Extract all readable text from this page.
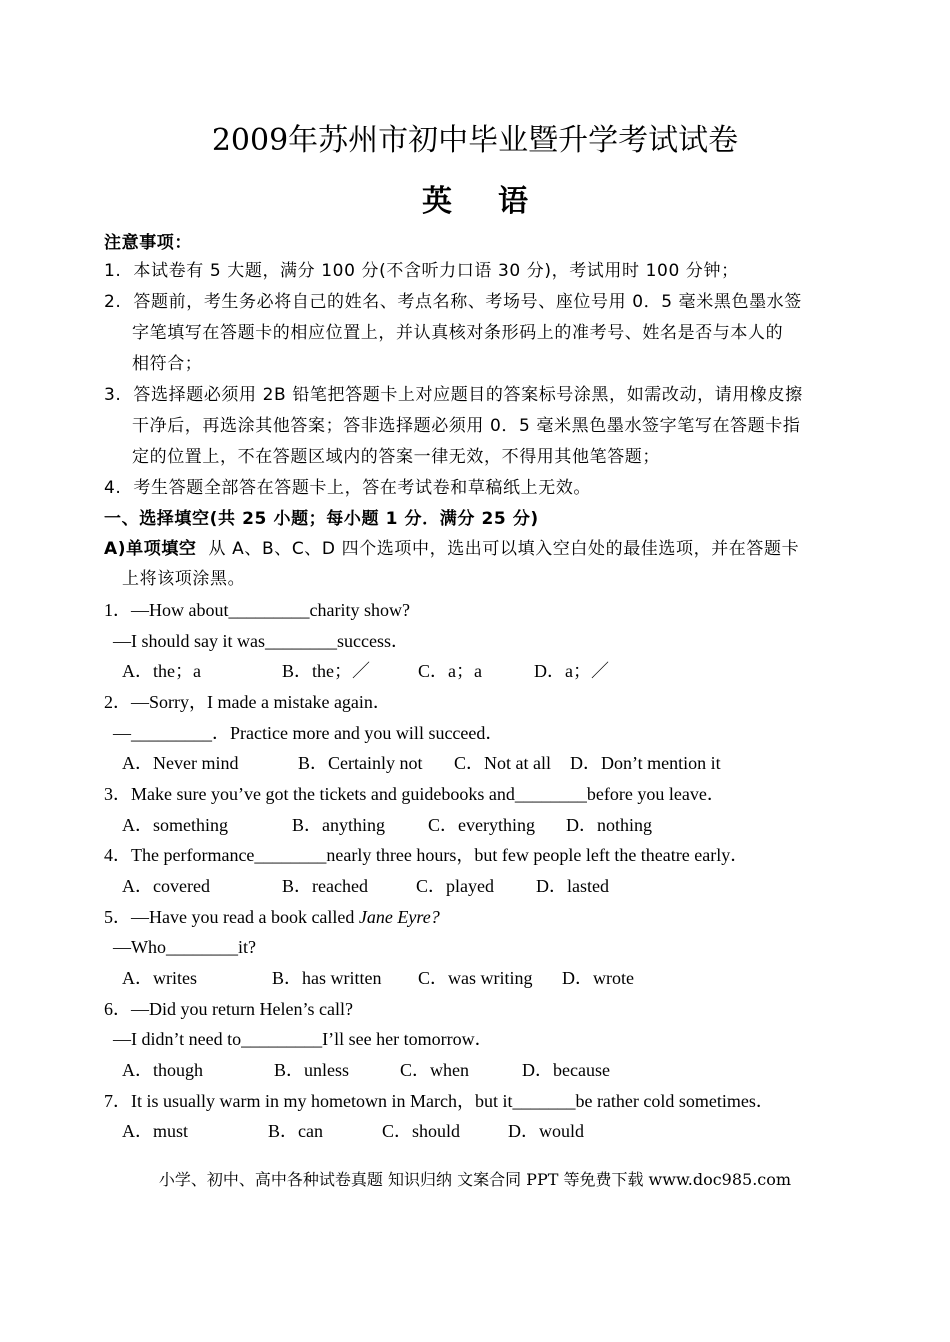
2009年苏州市初中毕业暨升学考试试卷
英语
注意事项：
1.  本试卷有 5 大题，满分 100 分(不含听力口语 30 分)，考试用时 100 分钟；
2.  答题前，考生务必将自己的姓名、考点名称、考场号、座位号用 0．5 毫米黑色墨水签
字笔填写在答题卡的相应位置上，并认真核对条形码上的准考号、姓名是否与本人的
相符合；
3.  答选择题必须用 2B 铅笔把答题卡上对应题目的答案标号涂黑，如需改动，请用橡皮擦
干净后，再选涂其他答案；答非选择题必须用 0．5 毫米黑色墨水签字笔写在答题卡指
定的位置上，不在答题区域内的答案一律无效，不得用其他笔答题；
4.  考生答题全部答在答题卡上，答在考试卷和草稿纸上无效。
一、选择填空(共 25 小题；每小题 1 分．满分 25 分)
A)单项填空  从 A、B、C、D 四个选项中，选出可以填入空白处的最佳选项，并在答题卡
上将该项涂黑。
1．—How about_________charity show?
—I should say it was________success．
A．the；a	B．the；／	C．a；a	D．a；／
2．—Sorry，I made a mistake again．
—_________．Practice more and you will succeed．
A．Never mind	B．Certainly not C．Not at all D．Don’t mention it
3．Make sure you’ve got the tickets and guidebooks and________before you leave．
A．something	B．anything C．everything D．nothing
4．The performance________nearly three hours，but few people left the theatre early．
A．covered	B．reached	C．played D．lasted
5．—Have you read a book called Jane Eyre?
—Who________it?
A．writes	B．has written C．was writing D．wrote
6．—Did you return Helen’s call?
—I didn’t need to_________I’ll see her tomorrow．
A．though	B．unless	C．when	D．because
7．It is usually warm in my hometown in March，but it_______be rather cold sometimes．
A．must	B．can	C．should	D．would
小学、初中、高中各种试卷真题 知识归纳 文案合同 PPT 等免费下载 www.doc985.com
